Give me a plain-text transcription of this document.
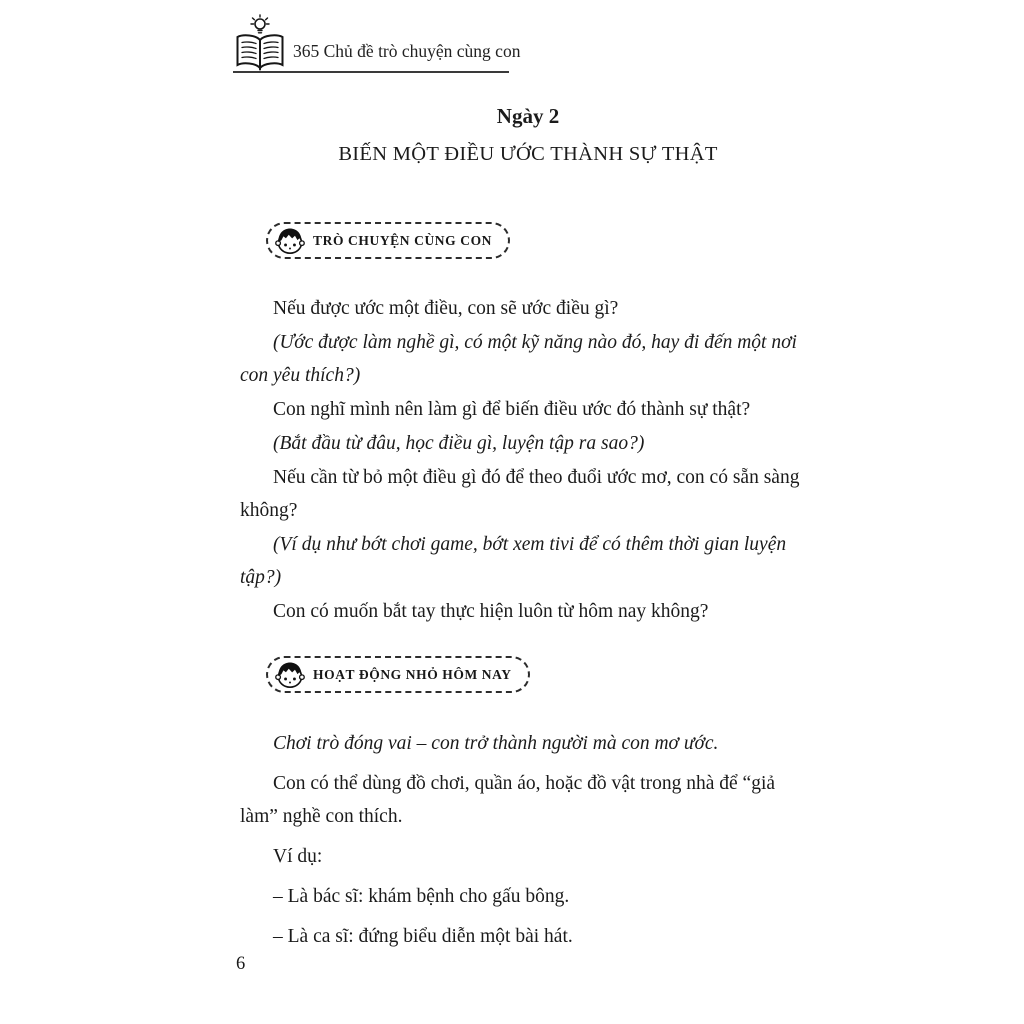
365 Chủ đề trò chuyện cùng con
Ngày 2
BIẾN MỘT ĐIỀU ƯỚC THÀNH SỰ THẬT
TRÒ CHUYỆN CÙNG CON

Nếu được ước một điều, con sẽ ước điều gì?

(Ước được làm nghề gì, có một kỹ năng nào đó, hay đi đến một nơi con yêu thích?)

Con nghĩ mình nên làm gì để biến điều ước đó thành sự thật?

(Bắt đầu từ đâu, học điều gì, luyện tập ra sao?)

Nếu cần từ bỏ một điều gì đó để theo đuổi ước mơ, con có sẵn sàng không?

(Ví dụ như bớt chơi game, bớt xem tivi để có thêm thời gian luyện tập?)

Con có muốn bắt tay thực hiện luôn từ hôm nay không?

HOẠT ĐỘNG NHỎ HÔM NAY

Chơi trò đóng vai – con trở thành người mà con mơ ước.

Con có thể dùng đồ chơi, quần áo, hoặc đồ vật trong nhà để “giả làm” nghề con thích.

Ví dụ:

– Là bác sĩ: khám bệnh cho gấu bông.

– Là ca sĩ: đứng biểu diễn một bài hát.

6
